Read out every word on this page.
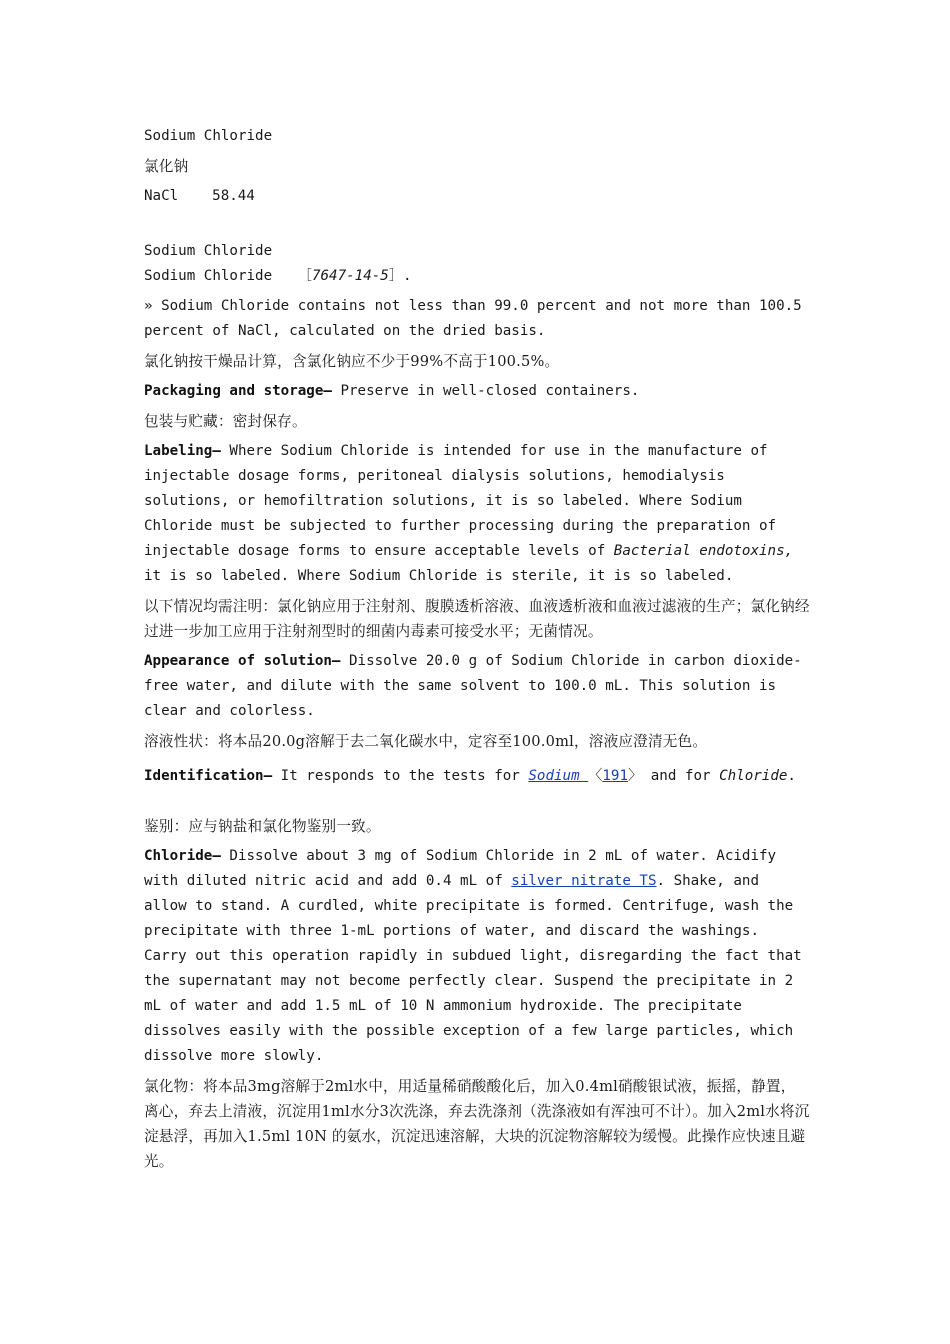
Sodium Chloride
氯化钠
NaCl 58.44
Sodium Chloride
Sodium Chloride ［7647-14-5］.
» Sodium Chloride contains not less than 99.0 percent and not more than 100.5 percent of NaCl, calculated on the dried basis.
氯化钠按干燥品计算，含氯化钠应不少于99%不高于100.5%。
Packaging and storage— Preserve in well-closed containers.
包装与贮藏：密封保存。
Labeling— Where Sodium Chloride is intended for use in the manufacture of injectable dosage forms, peritoneal dialysis solutions, hemodialysis solutions, or hemofiltration solutions, it is so labeled. Where Sodium Chloride must be subjected to further processing during the preparation of injectable dosage forms to ensure acceptable levels of Bacterial endotoxins, it is so labeled. Where Sodium Chloride is sterile, it is so labeled.
以下情况均需注明：氯化钠应用于注射剂、腹膜透析溶液、血液透析液和血液过滤液的生产；氯化钠经过进一步加工应用于注射剂型时的细菌内毒素可接受水平；无菌情况。
Appearance of solution— Dissolve 20.0 g of Sodium Chloride in carbon dioxide-free water, and dilute with the same solvent to 100.0 mL. This solution is clear and colorless.
溶液性状：将本品20.0g溶解于去二氧化碳水中，定容至100.0ml，溶液应澄清无色。
Identification— It responds to the tests for Sodium 〈191〉 and for Chloride.
鉴别：应与钠盐和氯化物鉴别一致。
Chloride— Dissolve about 3 mg of Sodium Chloride in 2 mL of water. Acidify with diluted nitric acid and add 0.4 mL of silver nitrate TS. Shake, and allow to stand. A curdled, white precipitate is formed. Centrifuge, wash the precipitate with three 1-mL portions of water, and discard the washings. Carry out this operation rapidly in subdued light, disregarding the fact that the supernatant may not become perfectly clear. Suspend the precipitate in 2 mL of water and add 1.5 mL of 10 N ammonium hydroxide. The precipitate dissolves easily with the possible exception of a few large particles, which dissolve more slowly.
氯化物：将本品3mg溶解于2ml水中，用适量稀硝酸酸化后，加入0.4ml硝酸银试液，振摇，静置，离心，弃去上清液，沉淀用1ml水分3次洗涤，弃去洗涤剂（洗涤液如有浑浊可不计）。加入2ml水将沉淀悬浮，再加入1.5ml 10N 的氨水，沉淀迅速溶解，大块的沉淀物溶解较为缓慢。此操作应快速且避光。
